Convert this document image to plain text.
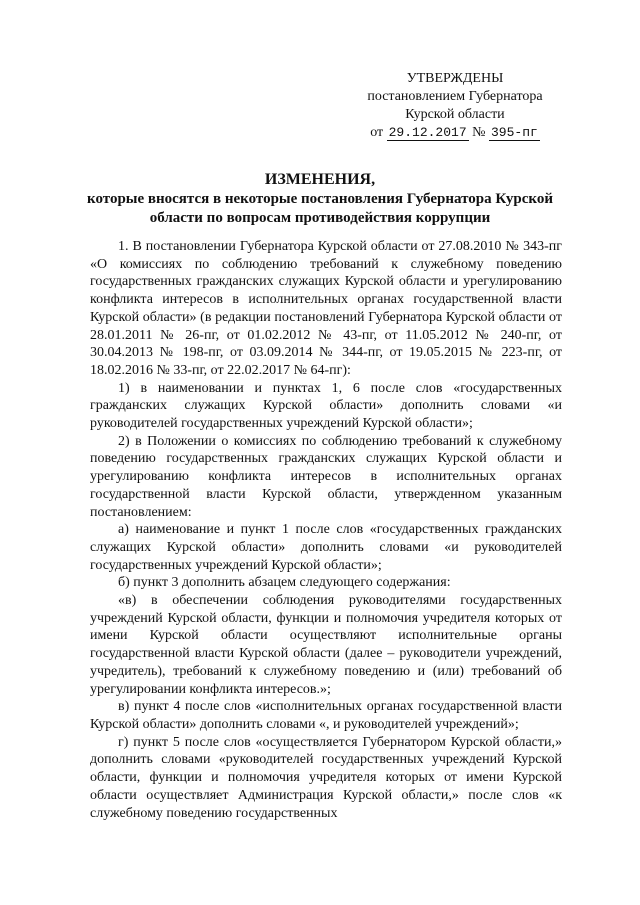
УТВЕРЖДЕНЫ
постановлением Губернатора
Курской области
от 29.12.2017 № 395-пг
ИЗМЕНЕНИЯ,
которые вносятся в некоторые постановления Губернатора Курской области по вопросам противодействия коррупции

1. В постановлении Губернатора Курской области от 27.08.2010 № 343-пг «О комиссиях по соблюдению требований к служебному поведению государственных гражданских служащих Курской области и урегулированию конфликта интересов в исполнительных органах государственной власти Курской области» (в редакции постановлений Губернатора Курской области от 28.01.2011 № 26-пг, от 01.02.2012 № 43-пг, от 11.05.2012 № 240-пг, от 30.04.2013 № 198-пг, от 03.09.2014 № 344-пг, от 19.05.2015 № 223-пг, от 18.02.2016 № 33-пг, от 22.02.2017 № 64-пг):

1) в наименовании и пунктах 1, 6 после слов «государственных гражданских служащих Курской области» дополнить словами «и руководителей государственных учреждений Курской области»;

2) в Положении о комиссиях по соблюдению требований к служебному поведению государственных гражданских служащих Курской области и урегулированию конфликта интересов в исполнительных органах государственной власти Курской области, утвержденном указанным постановлением:

а) наименование и пункт 1 после слов «государственных гражданских служащих Курской области» дополнить словами «и руководителей государственных учреждений Курской области»;

б) пункт 3 дополнить абзацем следующего содержания:

«в) в обеспечении соблюдения руководителями государственных учреждений Курской области, функции и полномочия учредителя которых от имени Курской области осуществляют исполнительные органы государственной власти Курской области (далее – руководители учреждений, учредитель), требований к служебному поведению и (или) требований об урегулировании конфликта интересов.»;

в) пункт 4 после слов «исполнительных органах государственной власти Курской области» дополнить словами «, и руководителей учреждений»;

г) пункт 5 после слов «осуществляется Губернатором Курской области,» дополнить словами «руководителей государственных учреждений Курской области, функции и полномочия учредителя которых от имени Курской области осуществляет Администрация Курской области,» после слов «к служебному поведению государственных
